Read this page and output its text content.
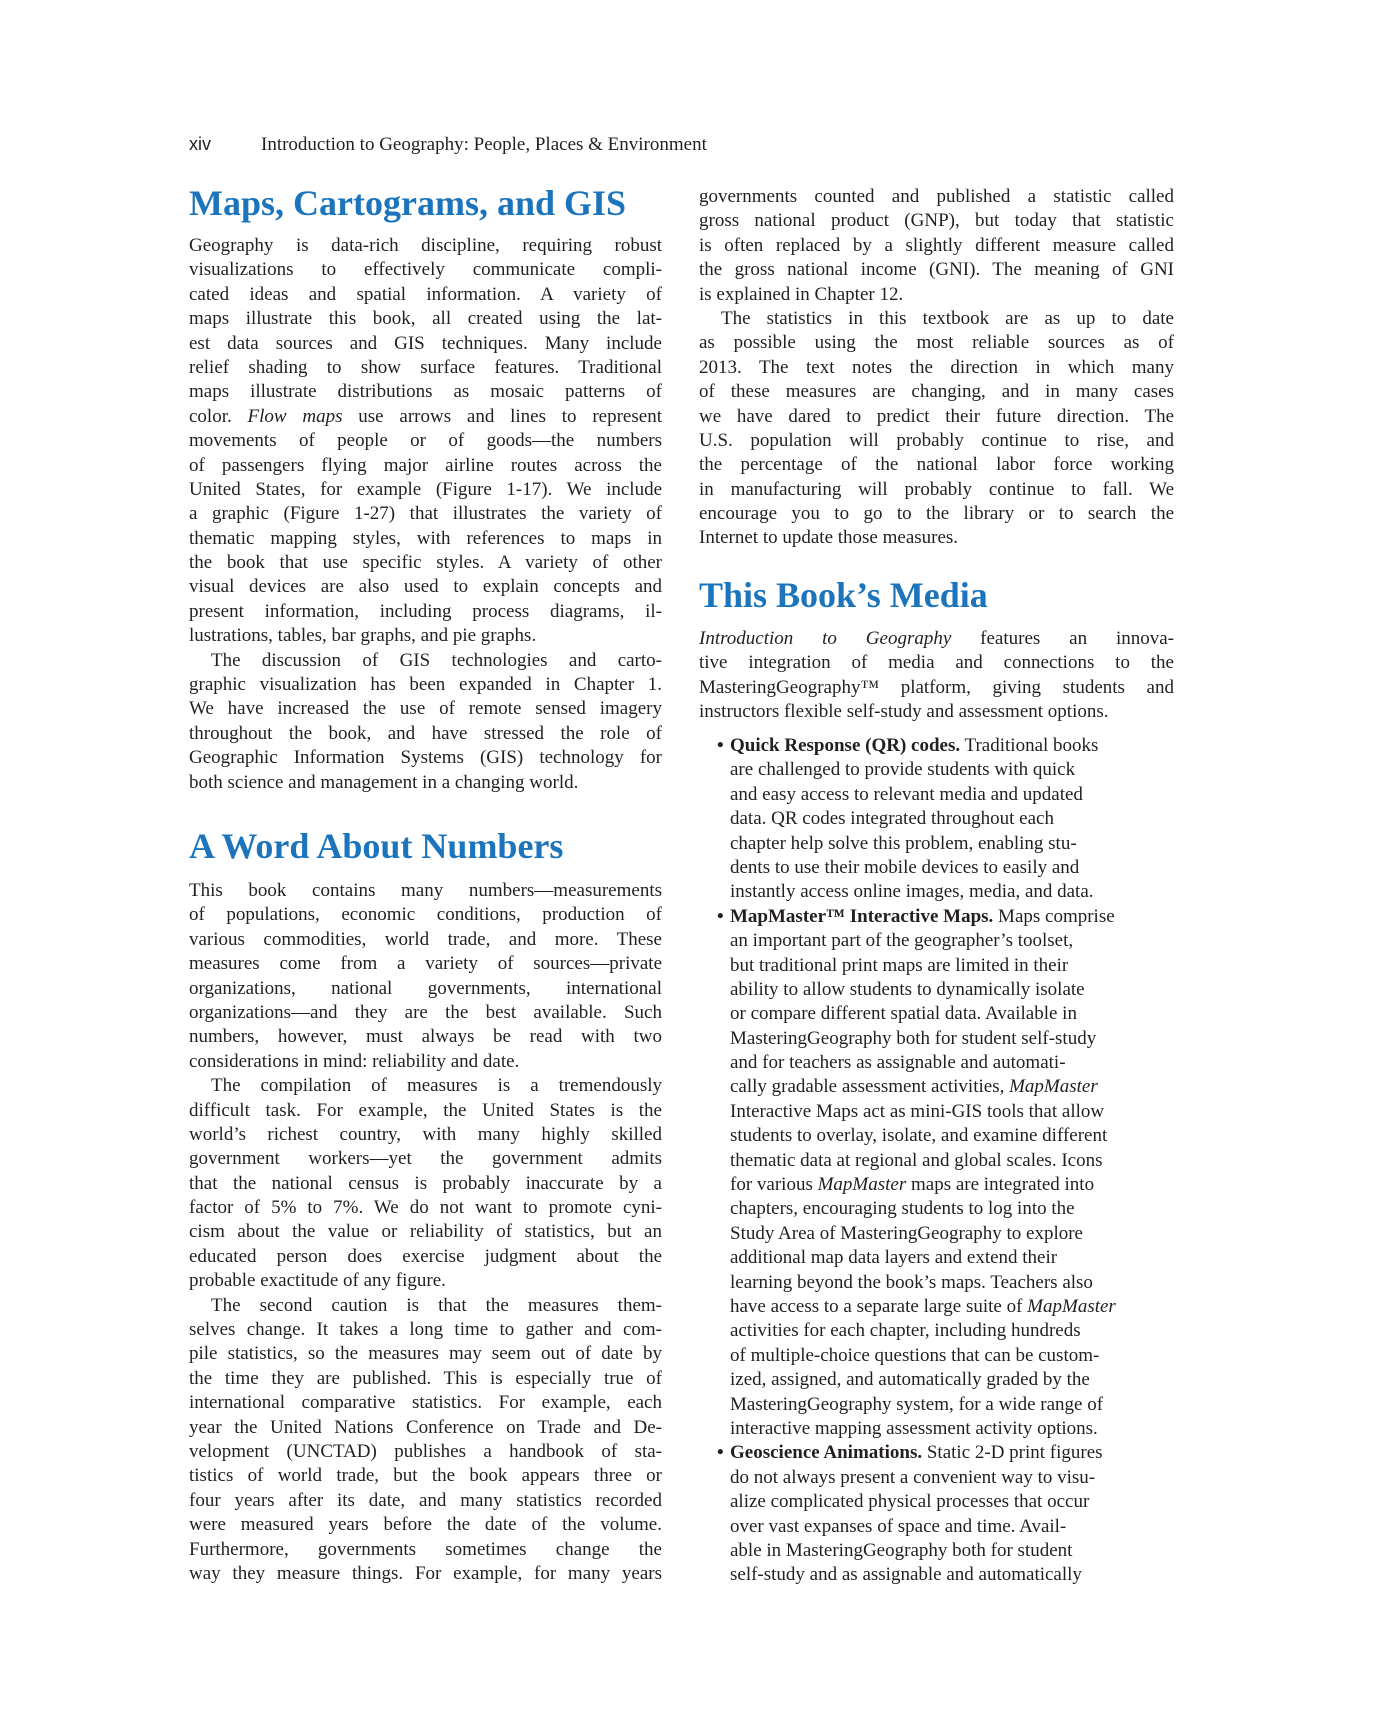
xiv	Introduction to Geography: People, Places & Environment
Maps, Cartograms, and GIS
Geography is data-rich discipline, requiring robust
visualizations to effectively communicate compli-
cated ideas and spatial information. A variety of
maps illustrate this book, all created using the lat-
est data sources and GIS techniques. Many include
relief shading to show surface features. Traditional
maps illustrate distributions as mosaic patterns of
color. Flow maps use arrows and lines to represent
movements of people or of goods—the numbers
of passengers flying major airline routes across the
United States, for example (Figure 1-17). We include
a graphic (Figure 1-27) that illustrates the variety of
thematic mapping styles, with references to maps in
the book that use specific styles. A variety of other
visual devices are also used to explain concepts and
present information, including process diagrams, il-
lustrations, tables, bar graphs, and pie graphs.
The discussion of GIS technologies and carto-
graphic visualization has been expanded in Chapter 1.
We have increased the use of remote sensed imagery
throughout the book, and have stressed the role of
Geographic Information Systems (GIS) technology for
both science and management in a changing world.
A Word About Numbers
This book contains many numbers—measurements
of populations, economic conditions, production of
various commodities, world trade, and more. These
measures come from a variety of sources—private
organizations, national governments, international
organizations—and they are the best available. Such
numbers, however, must always be read with two
considerations in mind: reliability and date.
The compilation of measures is a tremendously
difficult task. For example, the United States is the
world’s richest country, with many highly skilled
government workers—yet the government admits
that the national census is probably inaccurate by a
factor of 5% to 7%. We do not want to promote cyni-
cism about the value or reliability of statistics, but an
educated person does exercise judgment about the
probable exactitude of any figure.
The second caution is that the measures them-
selves change. It takes a long time to gather and com-
pile statistics, so the measures may seem out of date by
the time they are published. This is especially true of
international comparative statistics. For example, each
year the United Nations Conference on Trade and De-
velopment (UNCTAD) publishes a handbook of sta-
tistics of world trade, but the book appears three or
four years after its date, and many statistics recorded
were measured years before the date of the volume.
Furthermore, governments sometimes change the
way they measure things. For example, for many years
governments counted and published a statistic called
gross national product (GNP), but today that statistic
is often replaced by a slightly different measure called
the gross national income (GNI). The meaning of GNI
is explained in Chapter 12.
The statistics in this textbook are as up to date
as possible using the most reliable sources as of
2013. The text notes the direction in which many
of these measures are changing, and in many cases
we have dared to predict their future direction. The
U.S. population will probably continue to rise, and
the percentage of the national labor force working
in manufacturing will probably continue to fall. We
encourage you to go to the library or to search the
Internet to update those measures.
This Book’s Media
Introduction to Geography features an innova-
tive integration of media and connections to the
MasteringGeography™ platform, giving students and
instructors flexible self-study and assessment options.
• Quick Response (QR) codes. Traditional books
are challenged to provide students with quick
and easy access to relevant media and updated
data. QR codes integrated throughout each
chapter help solve this problem, enabling stu-
dents to use their mobile devices to easily and
instantly access online images, media, and data.
• MapMaster™ Interactive Maps. Maps comprise
an important part of the geographer’s toolset,
but traditional print maps are limited in their
ability to allow students to dynamically isolate
or compare different spatial data. Available in
MasteringGeography both for student self-study
and for teachers as assignable and automati-
cally gradable assessment activities, MapMaster
Interactive Maps act as mini-GIS tools that allow
students to overlay, isolate, and examine different
thematic data at regional and global scales. Icons
for various MapMaster maps are integrated into
chapters, encouraging students to log into the
Study Area of MasteringGeography to explore
additional map data layers and extend their
learning beyond the book’s maps. Teachers also
have access to a separate large suite of MapMaster
activities for each chapter, including hundreds
of multiple-choice questions that can be custom-
ized, assigned, and automatically graded by the
MasteringGeography system, for a wide range of
interactive mapping assessment activity options.
• Geoscience Animations. Static 2-D print figures
do not always present a convenient way to visu-
alize complicated physical processes that occur
over vast expanses of space and time. Avail-
able in MasteringGeography both for student
self-study and as assignable and automatically
